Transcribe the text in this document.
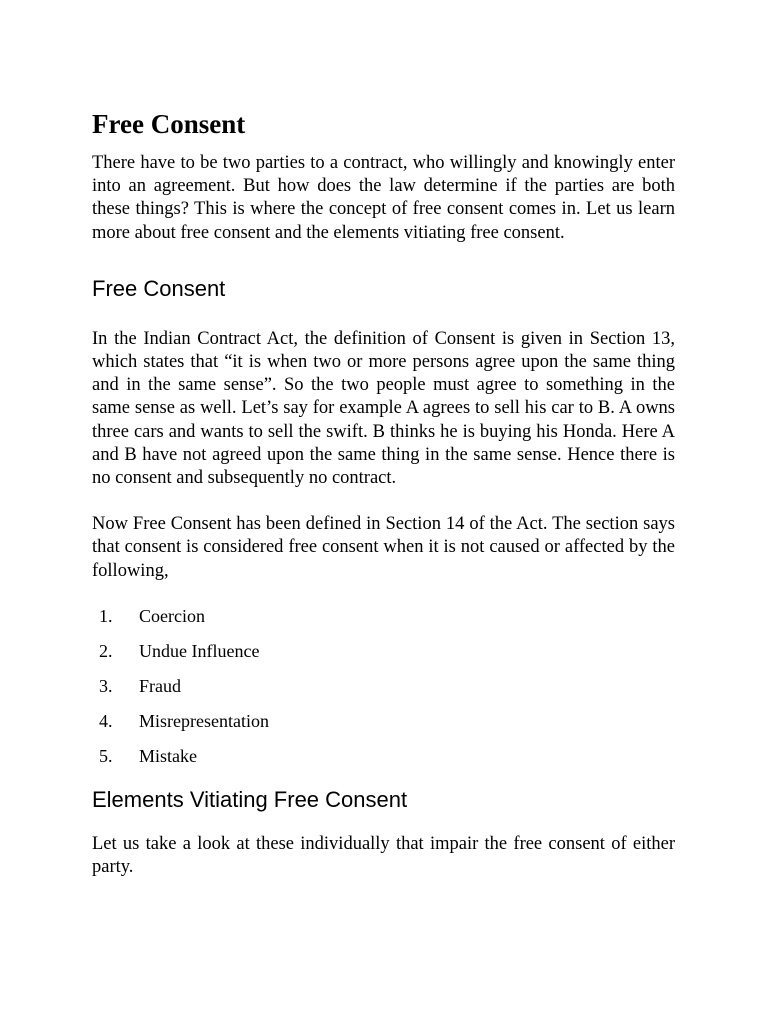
Free Consent

There have to be two parties to a contract, who willingly and knowingly enter into an agreement. But how does the law determine if the parties are both these things? This is where the concept of free consent comes in. Let us learn more about free consent and the elements vitiating free consent.

Free Consent

In the Indian Contract Act, the definition of Consent is given in Section 13, which states that “it is when two or more persons agree upon the same thing and in the same sense”. So the two people must agree to something in the same sense as well. Let’s say for example A agrees to sell his car to B. A owns three cars and wants to sell the swift. B thinks he is buying his Honda. Here A and B have not agreed upon the same thing in the same sense. Hence there is no consent and subsequently no contract.

Now Free Consent has been defined in Section 14 of the Act. The section says that consent is considered free consent when it is not caused or affected by the following,

1.	Coercion
2.	Undue Influence
3.	Fraud
4.	Misrepresentation
5.	Mistake
Elements Vitiating Free Consent

Let us take a look at these individually that impair the free consent of either party.
